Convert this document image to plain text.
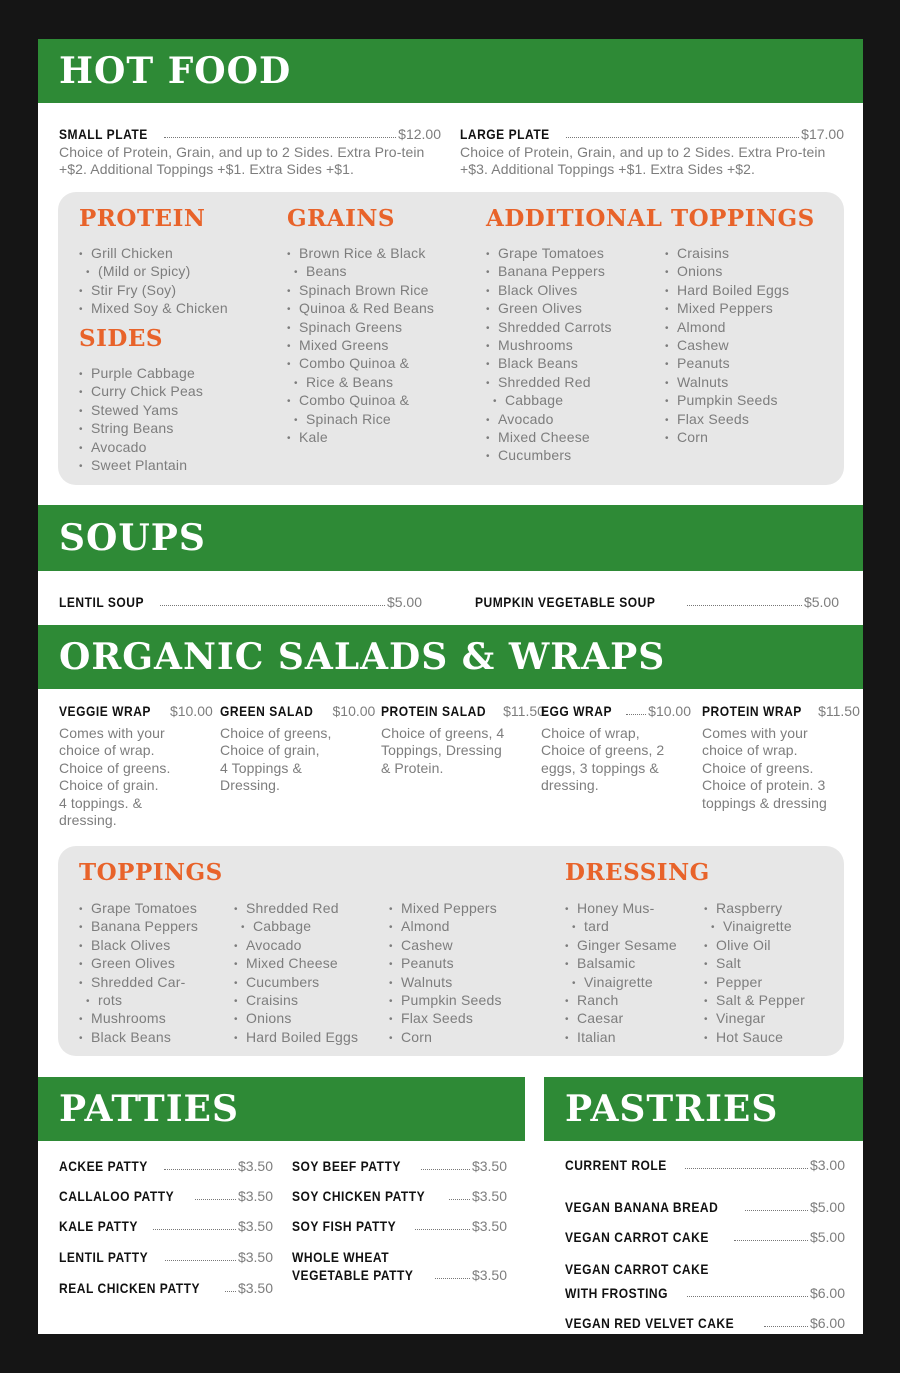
HOT FOOD
SMALL PLATE	$12.00
Choice of Protein, Grain, and up to 2 Sides. Extra Pro-tein +$2. Additional Toppings +$1. Extra Sides +$1.
LARGE PLATE	$17.00
Choice of Protein, Grain, and up to 2 Sides. Extra Pro-tein +$3. Additional Toppings +$1. Extra Sides +$2.
PROTEIN
• Grill Chicken
• (Mild or Spicy)
• Stir Fry (Soy)
• Mixed Soy & Chicken
SIDES
• Purple Cabbage
• Curry Chick Peas
• Stewed Yams
• String Beans
• Avocado
• Sweet Plantain
GRAINS
• Brown Rice & Black
• Beans
• Spinach Brown Rice
• Quinoa & Red Beans
• Spinach Greens
• Mixed Greens
• Combo Quinoa &
• Rice & Beans
• Combo Quinoa &
• Spinach Rice
• Kale
ADDITIONAL TOPPINGS
• Grape Tomatoes
• Banana Peppers
• Black Olives
• Green Olives
• Shredded Carrots
• Mushrooms
• Black Beans
• Shredded Red
• Cabbage
• Avocado
• Mixed Cheese
• Cucumbers
• Craisins
• Onions
• Hard Boiled Eggs
• Mixed Peppers
• Almond
• Cashew
• Peanuts
• Walnuts
• Pumpkin Seeds
• Flax Seeds
• Corn
SOUPS
LENTIL SOUP	$5.00	PUMPKIN VEGETABLE SOUP	$5.00
ORGANIC SALADS & WRAPS
VEGGIE WRAP $10.00
Comes with your
choice of wrap.
Choice of greens.
Choice of grain.
4 toppings. &
dressing.
GREEN SALAD $10.00
Choice of greens,
Choice of grain,
4 Toppings &
Dressing.
PROTEIN SALAD $11.50
Choice of greens, 4
Toppings, Dressing
& Protein.
EGG WRAP	$10.00
Choice of wrap,
Choice of greens, 2
eggs, 3 toppings &
dressing.
PROTEIN WRAP $11.50
Comes with your
choice of wrap.
Choice of greens.
Choice of protein. 3
toppings & dressing
TOPPINGS
• Grape Tomatoes
• Banana Peppers
• Black Olives
• Green Olives
• Shredded Car-
• rots
• Mushrooms
• Black Beans
• Shredded Red
• Cabbage
• Avocado
• Mixed Cheese
• Cucumbers
• Craisins
• Onions
• Hard Boiled Eggs
• Mixed Peppers
• Almond
• Cashew
• Peanuts
• Walnuts
• Pumpkin Seeds
• Flax Seeds
• Corn
DRESSING
• Honey Mus-
• tard
• Ginger Sesame
• Balsamic
• Vinaigrette
• Ranch
• Caesar
• Italian
• Raspberry
• Vinaigrette
• Olive Oil
• Salt
• Pepper
• Salt & Pepper
• Vinegar
• Hot Sauce
PATTIES
ACKEE PATTY	$3.50
CALLALOO PATTY	$3.50
KALE PATTY	$3.50
LENTIL PATTY	$3.50
REAL CHICKEN PATTY	$3.50
SOY BEEF PATTY	$3.50
SOY CHICKEN PATTY	$3.50
SOY FISH PATTY	$3.50
WHOLE WHEAT
VEGETABLE PATTY	$3.50
PASTRIES
CURRENT ROLE	$3.00
VEGAN BANANA BREAD	$5.00
VEGAN CARROT CAKE	$5.00
VEGAN CARROT CAKE
WITH FROSTING	$6.00
VEGAN RED VELVET CAKE	$6.00
